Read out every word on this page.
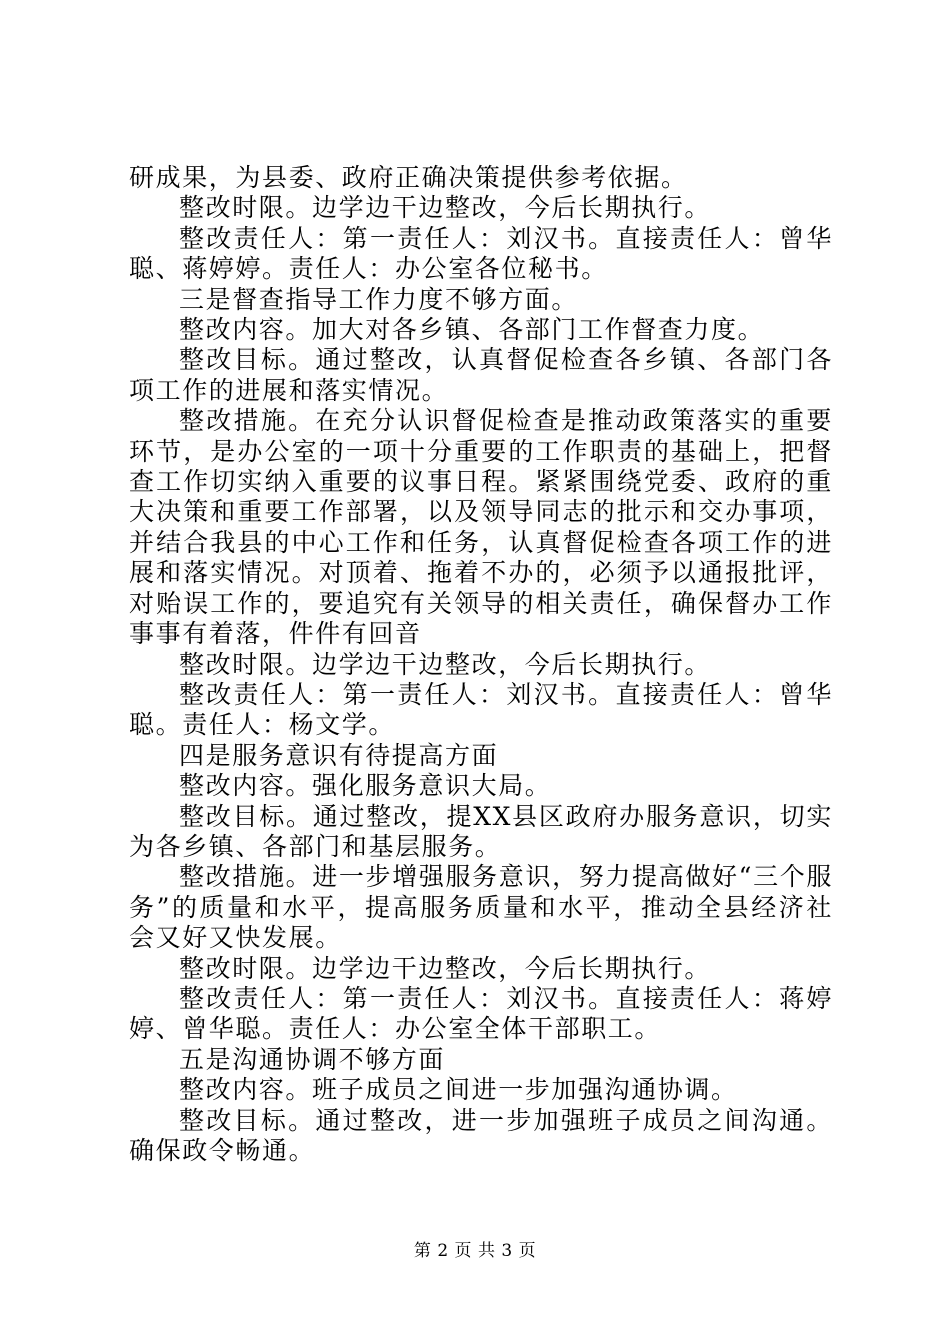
研成果，为县委、政府正确决策提供参考依据。

整改时限。边学边干边整改，今后长期执行。

整改责任人：第一责任人：刘汉书。直接责任人：曾华聪、蒋婷婷。责任人：办公室各位秘书。

三是督查指导工作力度不够方面。

整改内容。加大对各乡镇、各部门工作督查力度。

整改目标。通过整改，认真督促检查各乡镇、各部门各项工作的进展和落实情况。

整改措施。在充分认识督促检查是推动政策落实的重要环节，是办公室的一项十分重要的工作职责的基础上，把督查工作切实纳入重要的议事日程。紧紧围绕党委、政府的重大决策和重要工作部署，以及领导同志的批示和交办事项，并结合我县的中心工作和任务，认真督促检查各项工作的进展和落实情况。对顶着、拖着不办的，必须予以通报批评，对贻误工作的，要追究有关领导的相关责任，确保督办工作事事有着落，件件有回音

整改时限。边学边干边整改，今后长期执行。

整改责任人：第一责任人：刘汉书。直接责任人：曾华聪。责任人：杨文学。

四是服务意识有待提高方面

整改内容。强化服务意识大局。

整改目标。通过整改，提XX县区政府办服务意识，切实为各乡镇、各部门和基层服务。

整改措施。进一步增强服务意识，努力提高做好“三个服务”的质量和水平，提高服务质量和水平，推动全县经济社会又好又快发展。

整改时限。边学边干边整改，今后长期执行。

整改责任人：第一责任人：刘汉书。直接责任人：蒋婷婷、曾华聪。责任人：办公室全体干部职工。

五是沟通协调不够方面

整改内容。班子成员之间进一步加强沟通协调。

整改目标。通过整改，进一步加强班子成员之间沟通。确保政令畅通。

第 2 页 共 3 页
